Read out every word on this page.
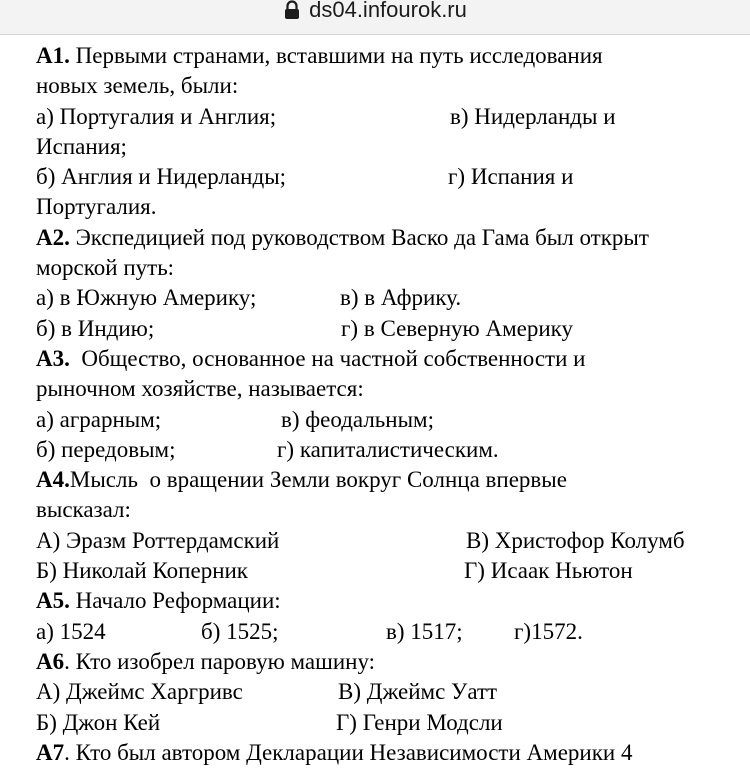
ds04.infourok.ru
А1. Первыми странами, вставшими на путь исследования
новых земель, были:
а) Португалия и Англия;	в) Нидерланды и
Испания;
б) Англия и Нидерланды;	г) Испания и
Португалия.
А2. Экспедицией под руководством Васко да Гама был открыт
морской путь:
а) в Южную Америку;	в) в Африку.
б) в Индию;	г) в Северную Америку
А3.  Общество, основанное на частной собственности и
рыночном хозяйстве, называется:
а) аграрным;	в) феодальным;
б) передовым;	г) капиталистическим.
А4.Мысль  о вращении Земли вокруг Солнца впервые
высказал:
А) Эразм Роттердамский	В) Христофор Колумб
Б) Николай Коперник	Г) Исаак Ньютон
А5. Начало Реформации:
а) 1524	б) 1525;	в) 1517; г)1572.
А6. Кто изобрел паровую машину:
А) Джеймс Харгривс	В) Джеймс Уатт
Б) Джон Кей	Г) Генри Модсли
А7. Кто был автором Декларации Независимости Америки 4
